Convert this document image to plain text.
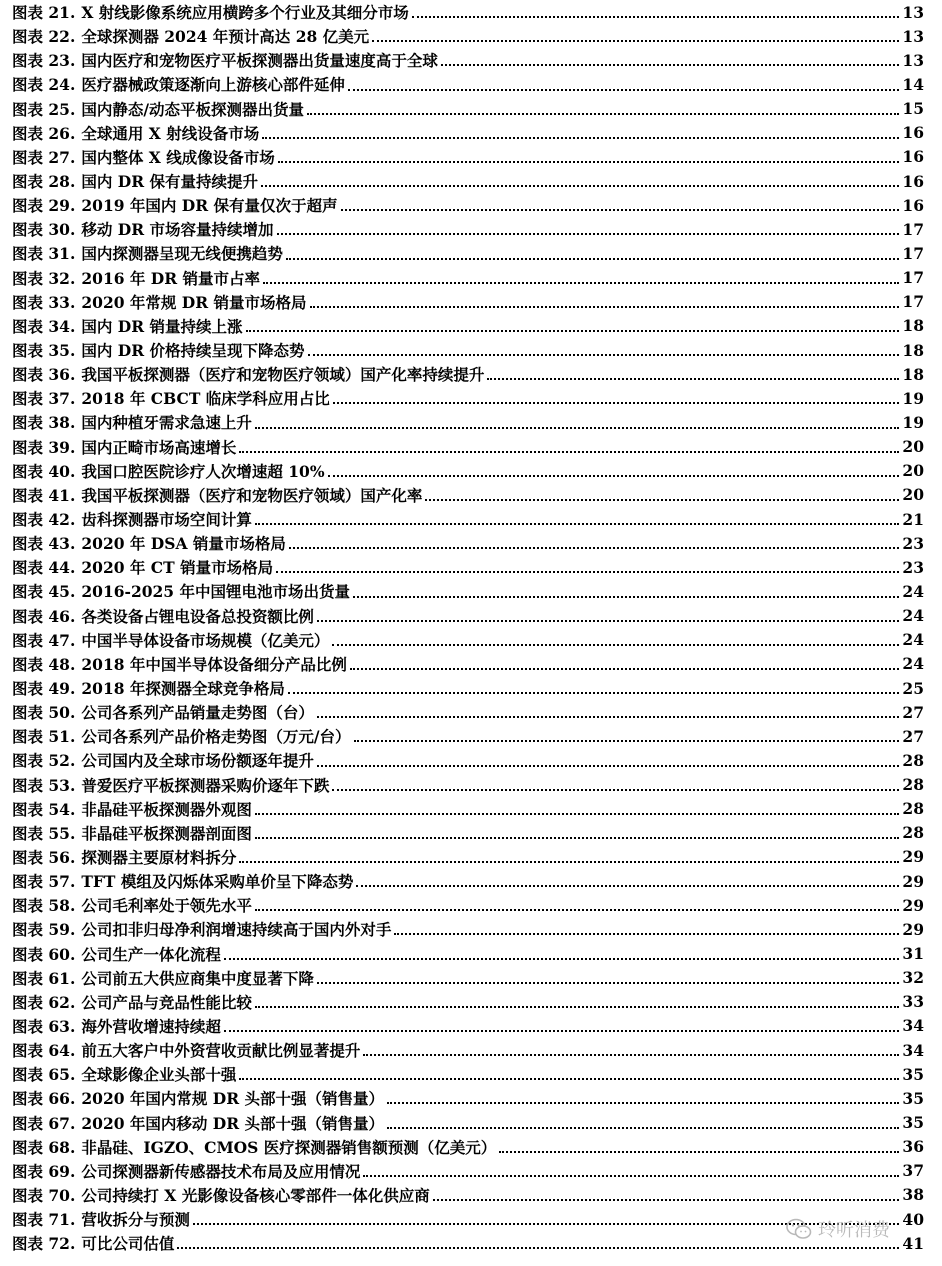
图表 21. X 射线影像系统应用横跨多个行业及其细分市场	13
图表 22. 全球探测器 2024 年预计高达 28 亿美元	13
图表 23. 国内医疗和宠物医疗平板探测器出货量速度高于全球	13
图表 24. 医疗器械政策逐渐向上游核心部件延伸	14
图表 25. 国内静态/动态平板探测器出货量	15
图表 26. 全球通用 X 射线设备市场	16
图表 27. 国内整体 X 线成像设备市场	16
图表 28. 国内 DR 保有量持续提升	16
图表 29. 2019 年国内 DR 保有量仅次于超声	16
图表 30. 移动 DR 市场容量持续增加	17
图表 31. 国内探测器呈现无线便携趋势	17
图表 32. 2016 年 DR 销量市占率	17
图表 33. 2020 年常规 DR 销量市场格局	17
图表 34. 国内 DR 销量持续上涨	18
图表 35. 国内 DR 价格持续呈现下降态势	18
图表 36. 我国平板探测器（医疗和宠物医疗领域）国产化率持续提升	18
图表 37. 2018 年 CBCT 临床学科应用占比	19
图表 38. 国内种植牙需求急速上升	19
图表 39. 国内正畸市场高速增长	20
图表 40. 我国口腔医院诊疗人次增速超 10%	20
图表 41. 我国平板探测器（医疗和宠物医疗领域）国产化率	20
图表 42. 齿科探测器市场空间计算	21
图表 43. 2020 年 DSA 销量市场格局	23
图表 44. 2020 年 CT 销量市场格局	23
图表 45. 2016-2025 年中国锂电池市场出货量	24
图表 46. 各类设备占锂电设备总投资额比例	24
图表 47. 中国半导体设备市场规模（亿美元）	24
图表 48. 2018 年中国半导体设备细分产品比例	24
图表 49. 2018 年探测器全球竞争格局	25
图表 50. 公司各系列产品销量走势图（台）	27
图表 51. 公司各系列产品价格走势图（万元/台）	27
图表 52. 公司国内及全球市场份额逐年提升	28
图表 53. 普爱医疗平板探测器采购价逐年下跌	28
图表 54. 非晶硅平板探测器外观图	28
图表 55. 非晶硅平板探测器剖面图	28
图表 56. 探测器主要原材料拆分	29
图表 57. TFT 模组及闪烁体采购单价呈下降态势	29
图表 58. 公司毛利率处于领先水平	29
图表 59. 公司扣非归母净利润增速持续高于国内外对手	29
图表 60. 公司生产一体化流程	31
图表 61. 公司前五大供应商集中度显著下降	32
图表 62. 公司产品与竞品性能比较	33
图表 63. 海外营收增速持续超	34
图表 64. 前五大客户中外资营收贡献比例显著提升	34
图表 65. 全球影像企业头部十强	35
图表 66. 2020 年国内常规 DR 头部十强（销售量）	35
图表 67. 2020 年国内移动 DR 头部十强（销售量）	35
图表 68. 非晶硅、IGZO、CMOS 医疗探测器销售额预测（亿美元）	36
图表 69. 公司探测器新传感器技术布局及应用情况	37
图表 70. 公司持续打 X 光影像设备核心零部件一体化供应商	38
图表 71. 营收拆分与预测	40
图表 72. 可比公司估值	41
玲听消费
